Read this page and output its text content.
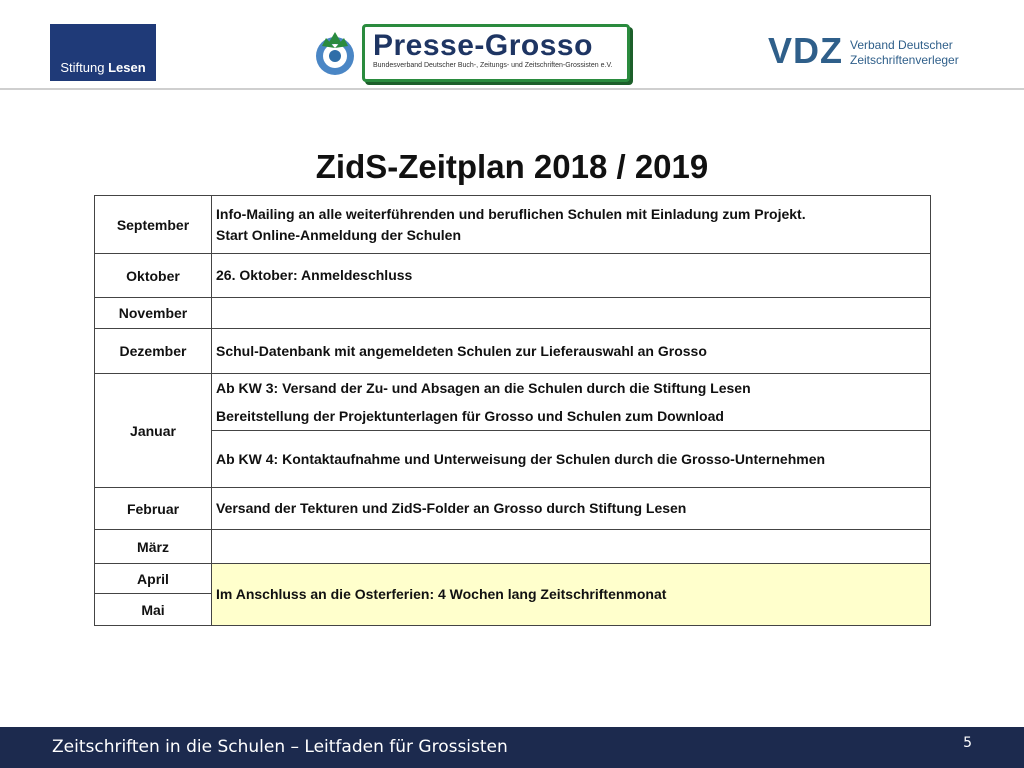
Stiftung Lesen
Presse-Grosso
Bundesverband Deutscher Buch-, Zeitungs- und Zeitschriften-Grossisten e.V.	VDZ Verband Deutscher
Zeitschriftenverleger
ZidS-Zeitplan 2018 / 2019
September	Info-Mailing an alle weiterführenden und beruflichen Schulen mit Einladung zum Projekt.
Start Online-Anmeldung der Schulen

Oktober	26. Oktober: Anmeldeschluss
November	
Dezember	Schul-Datenbank mit angemeldeten Schulen zur Lieferauswahl an Grosso
Januar	Ab KW 3: Versand der Zu- und Absagen an die Schulen durch die Stiftung Lesen
Bereitstellung der Projektunterlagen für Grosso und Schulen zum Download

	Ab KW 4: Kontaktaufnahme und Unterweisung der Schulen durch die Grosso-Unternehmen
Februar	Versand der Tekturen und ZidS-Folder an Grosso durch Stiftung Lesen
März	
April	Im Anschluss an die Osterferien: 4 Wochen lang Zeitschriftenmonat
Mai	
Zeitschriften in die Schulen – Leitfaden für Grossisten	5
